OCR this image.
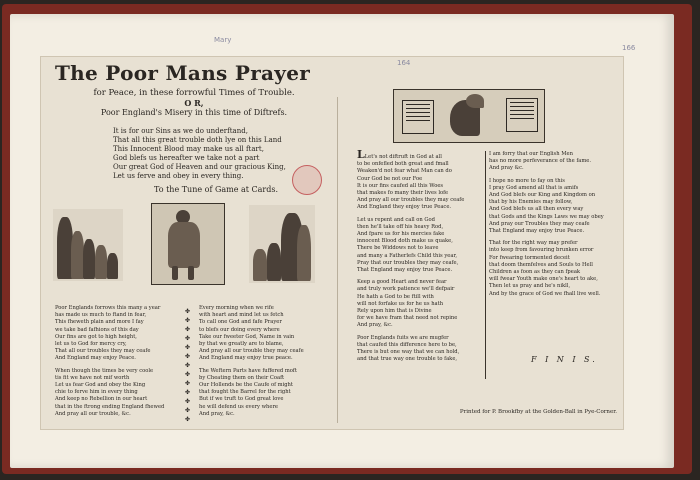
Mary
166
164
The Poor Mans Prayer
for Peace, in these forrowful Times of Trouble.
O R,
Poor England's Misery in this time of Diftrefs.
It is for our Sins as we do underftand,
That all this great trouble doth lye on this Land
This Innocent Blood may make us all ftart,
God blefs us hereafter we take not a part
Our great God of Heaven and our gracious King,
Let us ferve and obey in every thing.
To the Tune of Game at Cards.
Poor Englands forrows this many a year
has made us much to ftand in fear,
This fheweth plain and more I fay
we take bad fafhions of this day
Our fins are got to high height,
let us to God for mercy cry,
That all our troubles they may ceafe
And England may enjoy Peace.
When though the times be very coole
tis fit we have not mif worth
Let us fear God and obey the King
chie to ferve him in every thing
And keep no Rebellion in our heart
that in the ftrong ending England fhewed
And pray all our trouble, &c.
✤
✤
✤
✤
✤
✤
✤
✤
✤
✤
✤
✤
✤
Every morning when we rife
with heart and mind let us fetch
To call one God and fafe Prayer
to blefs our doing every where
Take our fweeter God, Name in vain
by that we greatly are to blame,
And pray all our trouble they may ceafe
And England may enjoy true peace.
The Weftern Parts have fuffered moft
by Cheating them on their Coaft
Our Hollends be the Caufe of might
that fought the Barrel for the right
But if we truft to God great love
he will defend us every where
And pray, &c.
LLet's not diftruft in God at all
to be onfefled both great and fmall
Weaken'd not fear what Man can do
Cour God be not our Foe
It is our fins caufed all this Woes
that makes fo many their lives lofe
And pray all our troubles they may ceafe
And England they enjoy true Peace.
Let us repent and call on God
then he'll take off his heavy Rod,
And fpare us for his mercies fake
innocent Blood doth make us quake,
There be Widdows not to leave
and many a Fatherlefs Child this year,
Pray that our troubles they may ceafe,
That England may enjoy true Peace.
Keep a good Heart and never fear
and truly work patience we'll defpair
He hath a God to be ftill with
will not forfake us for he us hath
Rely upon him that is Divine
for we have fram that need not repine
And pray, &c.
Poor Englands fuits we are mugfer
that caufed this difference here to be,
There is but one way that we can hold,
and that true way one trouble to fake,
I am forry that our English Men
has no more perfeverance of the fame.
And pray &c.
I hope no more to fay on this
I pray God amend all that is amifs
And God blefs our King and Kingdom on
that by his Enemies may follow,
And God blefs us all then every way
that Gods and the Kings Laws we may obey
And pray our Troubles they may ceafe
That England may enjoy true Peace.
That for the right way may prefer
into keep from favouring brunken error
For fwearing tormented deceit
that doom themfelves and Souls to Hell
Children as foon as they can fpeak
will fwear Youth make one's heart to ake,
Then let us pray and he's nikll,
And by the grace of God we fhall live well.
F I N I S.
Printed for P. Brookfby at the Golden-Ball in Pye-Corner.
